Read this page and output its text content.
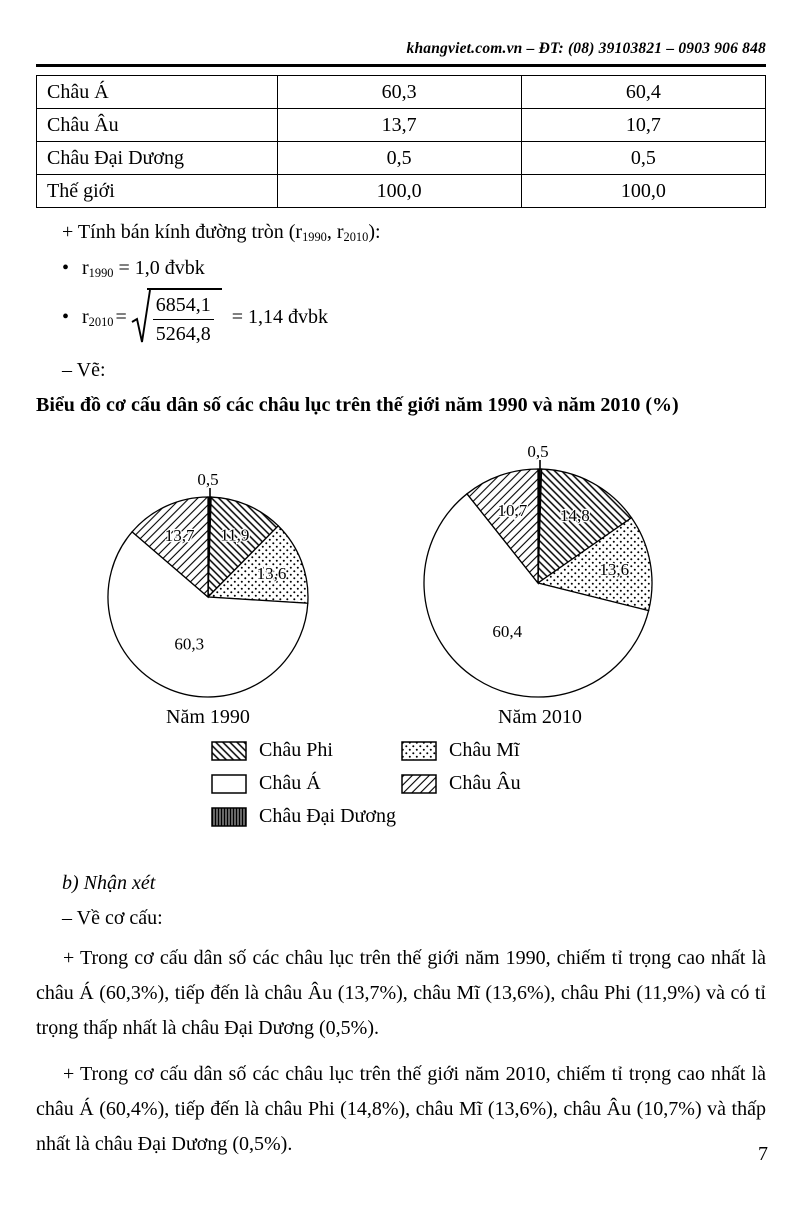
khangviet.com.vn – ĐT: (08) 39103821 – 0903 906 848
Châu Á	60,3	60,4
Châu Âu	13,7	10,7
Châu Đại Dương	0,5	0,5
Thế giới	100,0	100,0

+ Tính bán kính đường tròn ($r_{1990}$, $r_{2010}$):

• $r_{1990} = 1,0$ đvbk

• $r_{2010} = \frac{6854,1}{5264,8} = 1,14$ đvbk

– Vẽ:

Biểu đồ cơ cấu dân số các châu lục trên thế giới năm 1990 và năm 2010 (%)
0,5
11,9
13,6
60,3
13,7
Năm 1990
0,5
14,8
13,6
60,4
10,7
Năm 2010
Châu Phi	Châu Mĩ
Châu Á	Châu Âu
Châu Đại Dương

b) Nhận xét

– Về cơ cấu:

+ Trong cơ cấu dân số các châu lục trên thế giới năm 1990, chiếm tỉ trọng cao nhất là châu Á (60,3%), tiếp đến là châu Âu (13,7%), châu Mĩ (13,6%), châu Phi (11,9%) và có tỉ trọng thấp nhất là châu Đại Dương (0,5%).

+ Trong cơ cấu dân số các châu lục trên thế giới năm 2010, chiếm tỉ trọng cao nhất là châu Á (60,4%), tiếp đến là châu Phi (14,8%), châu Mĩ (13,6%), châu Âu (10,7%) và thấp nhất là châu Đại Dương (0,5%).	7
